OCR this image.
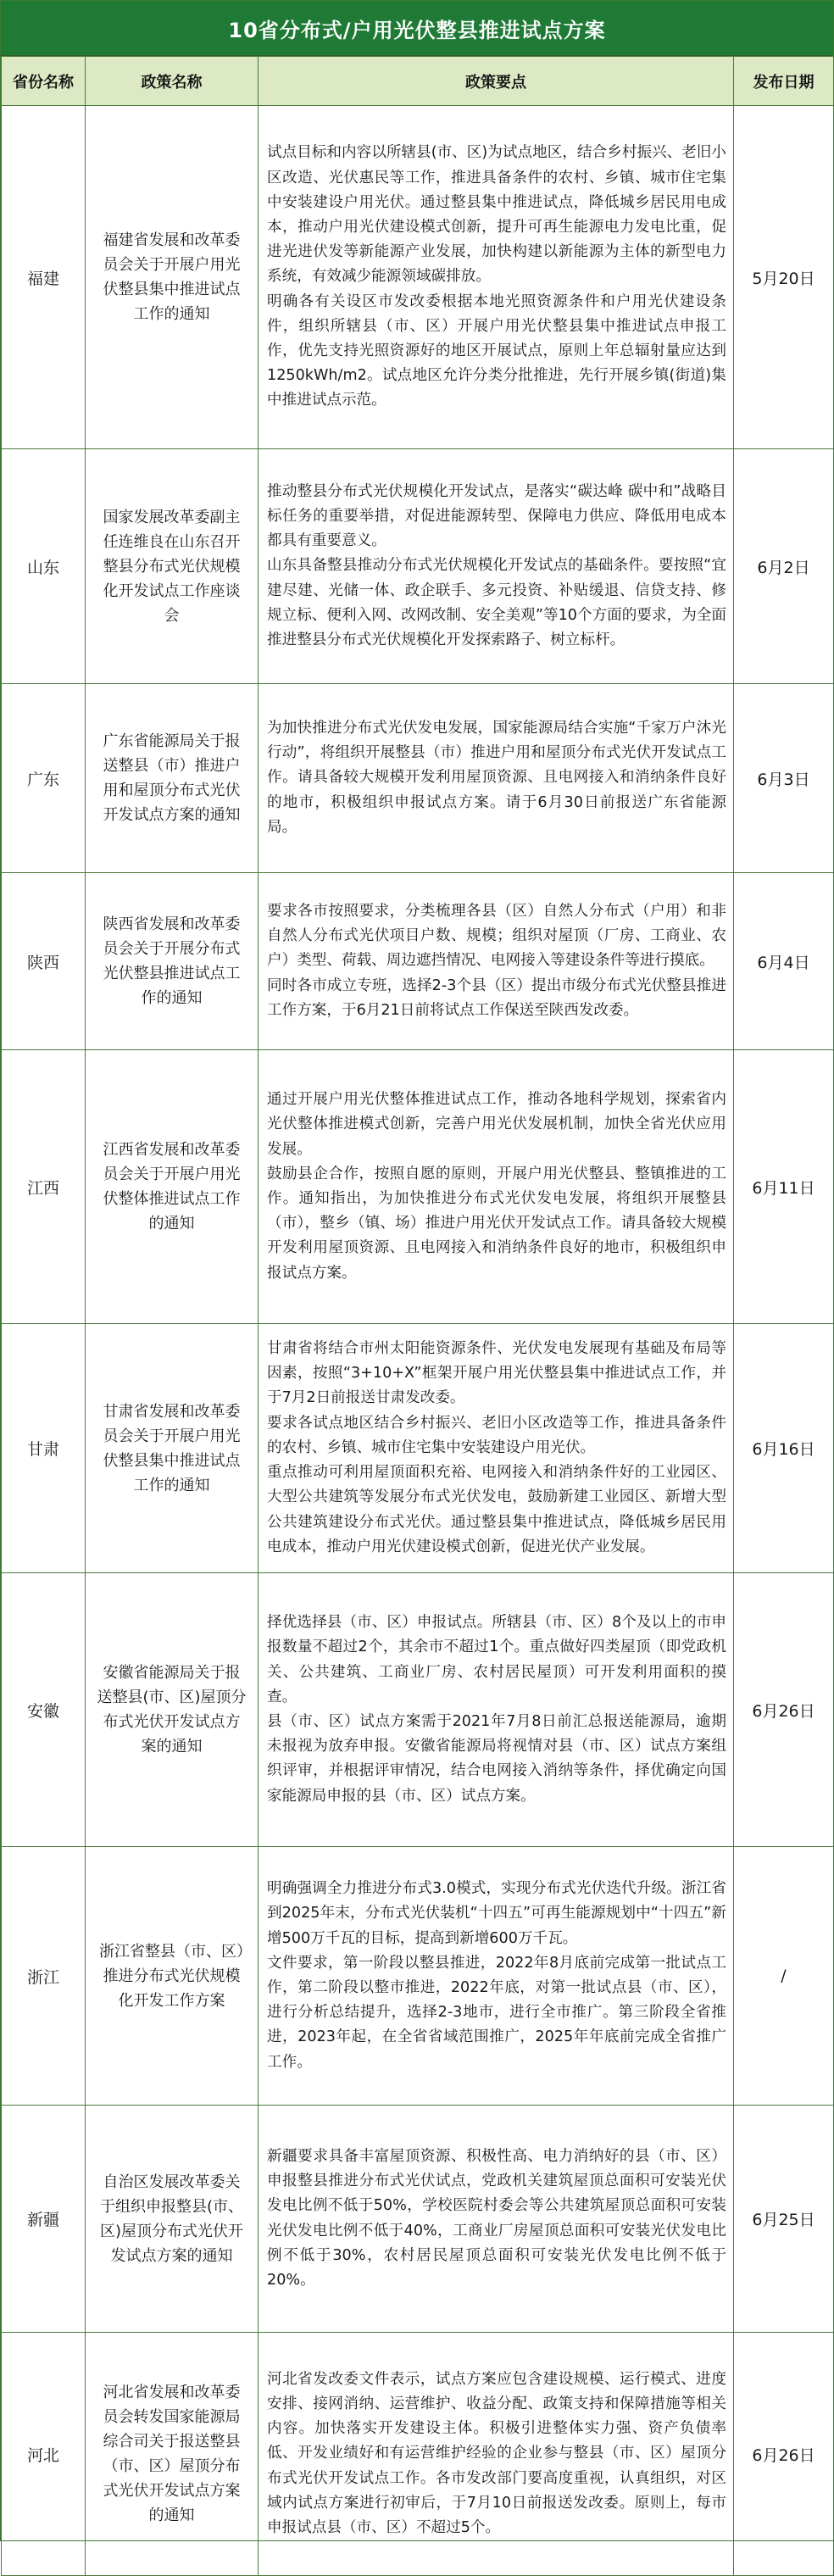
10省分布式/户用光伏整县推进试点方案
省份名称	政策名称	政策要点	发布日期
福建	福建省发展和改革委员会关于开展户用光伏整县集中推进试点工作的通知	试点目标和内容以所辖县(市、区)为试点地区，结合乡村振兴、老旧小区改造、光伏惠民等工作，推进具备条件的农村、乡镇、城市住宅集中安装建设户用光伏。通过整县集中推进试点，降低城乡居民用电成本，推动户用光伏建设模式创新，提升可再生能源电力发电比重，促进光进伏发等新能源产业发展，加快构建以新能源为主体的新型电力系统，有效减少能源领域碳排放。

明确各有关设区市发改委根据本地光照资源条件和户用光伏建设条件，组织所辖县（市、区）开展户用光伏整县集中推进试点申报工作，优先支持光照资源好的地区开展试点，原则上年总辐射量应达到1250kWh/m2。试点地区允许分类分批推进，先行开展乡镇(街道)集中推进试点示范。	5月20日
山东	国家发展改革委副主任连维良在山东召开整县分布式光伏规模化开发试点工作座谈会	推动整县分布式光伏规模化开发试点，是落实“碳达峰 碳中和”战略目标任务的重要举措，对促进能源转型、保障电力供应、降低用电成本都具有重要意义。

山东具备整县推动分布式光伏规模化开发试点的基础条件。要按照“宜建尽建、光储一体、政企联手、多元投资、补贴缓退、信贷支持、修规立标、便利入网、改网改制、安全美观”等10个方面的要求，为全面推进整县分布式光伏规模化开发探索路子、树立标杆。	6月2日
广东	广东省能源局关于报送整县（市）推进户用和屋顶分布式光伏开发试点方案的通知	为加快推进分布式光伏发电发展，国家能源局结合实施“千家万户沐光行动”，将组织开展整县（市）推进户用和屋顶分布式光伏开发试点工作。请具备较大规模开发利用屋顶资源、且电网接入和消纳条件良好的地市，积极组织申报试点方案。请于6月30日前报送广东省能源局。	6月3日
陕西	陕西省发展和改革委员会关于开展分布式光伏整县推进试点工作的通知	要求各市按照要求，分类梳理各县（区）自然人分布式（户用）和非自然人分布式光伏项目户数、规模；组织对屋顶（厂房、工商业、农户）类型、荷载、周边遮挡情况、电网接入等建设条件等进行摸底。

同时各市成立专班，选择2-3个县（区）提出市级分布式光伏整县推进工作方案，于6月21日前将试点工作保送至陕西发改委。	6月4日
江西	江西省发展和改革委员会关于开展户用光伏整体推进试点工作的通知	通过开展户用光伏整体推进试点工作，推动各地科学规划，探索省内光伏整体推进模式创新，完善户用光伏发展机制，加快全省光伏应用发展。

鼓励县企合作，按照自愿的原则，开展户用光伏整县、整镇推进的工作。通知指出，为加快推进分布式光伏发电发展，将组织开展整县（市），整乡（镇、场）推进户用光伏开发试点工作。请具备较大规模开发利用屋顶资源、且电网接入和消纳条件良好的地市，积极组织申报试点方案。	6月11日
甘肃	甘肃省发展和改革委员会关于开展户用光伏整县集中推进试点工作的通知	甘肃省将结合市州太阳能资源条件、光伏发电发展现有基础及布局等因素，按照“3+10+X”框架开展户用光伏整县集中推进试点工作，并于7月2日前报送甘肃发改委。

要求各试点地区结合乡村振兴、老旧小区改造等工作，推进具备条件的农村、乡镇、城市住宅集中安装建设户用光伏。

重点推动可利用屋顶面积充裕、电网接入和消纳条件好的工业园区、大型公共建筑等发展分布式光伏发电，鼓励新建工业园区、新增大型公共建筑建设分布式光伏。通过整县集中推进试点，降低城乡居民用电成本，推动户用光伏建设模式创新，促进光伏产业发展。	6月16日
安徽	安徽省能源局关于报送整县(市、区)屋顶分布式光伏开发试点方案的通知	择优选择县（市、区）申报试点。所辖县（市、区）8个及以上的市申报数量不超过2个，其余市不超过1个。重点做好四类屋顶（即党政机关、公共建筑、工商业厂房、农村居民屋顶）可开发利用面积的摸查。

县（市、区）试点方案需于2021年7月8日前汇总报送能源局，逾期未报视为放弃申报。安徽省能源局将视情对县（市、区）试点方案组织评审，并根据评审情况，结合电网接入消纳等条件，择优确定向国家能源局申报的县（市、区）试点方案。	6月26日
浙江	浙江省整县（市、区）推进分布式光伏规模化开发工作方案	明确强调全力推进分布式3.0模式，实现分布式光伏迭代升级。浙江省到2025年末，分布式光伏装机“十四五”可再生能源规划中“十四五”新增500万千瓦的目标，提高到新增600万千瓦。

文件要求，第一阶段以整县推进，2022年8月底前完成第一批试点工作，第二阶段以整市推进，2022年底，对第一批试点县（市、区），进行分析总结提升，选择2-3地市，进行全市推广。第三阶段全省推进，2023年起，在全省省域范围推广，2025年年底前完成全省推广工作。	/
新疆	自治区发展改革委关于组织申报整县(市、区)屋顶分布式光伏开发试点方案的通知	新疆要求具备丰富屋顶资源、积极性高、电力消纳好的县（市、区）申报整县推进分布式光伏试点，党政机关建筑屋顶总面积可安装光伏发电比例不低于50%，学校医院村委会等公共建筑屋顶总面积可安装光伏发电比例不低于40%，工商业厂房屋顶总面积可安装光伏发电比例不低于30%，农村居民屋顶总面积可安装光伏发电比例不低于20%。	6月25日
河北	河北省发展和改革委员会转发国家能源局综合司关于报送整县（市、区）屋顶分布式光伏开发试点方案的通知	河北省发改委文件表示，试点方案应包含建设规模、运行模式、进度安排、接网消纳、运营维护、收益分配、政策支持和保障措施等相关内容。加快落实开发建设主体。积极引进整体实力强、资产负债率低、开发业绩好和有运营维护经验的企业参与整县（市、区）屋顶分布式光伏开发试点工作。各市发改部门要高度重视，认真组织，对区域内试点方案进行初审后，于7月10日前报送发改委。原则上，每市申报试点县（市、区）不超过5个。	6月26日
